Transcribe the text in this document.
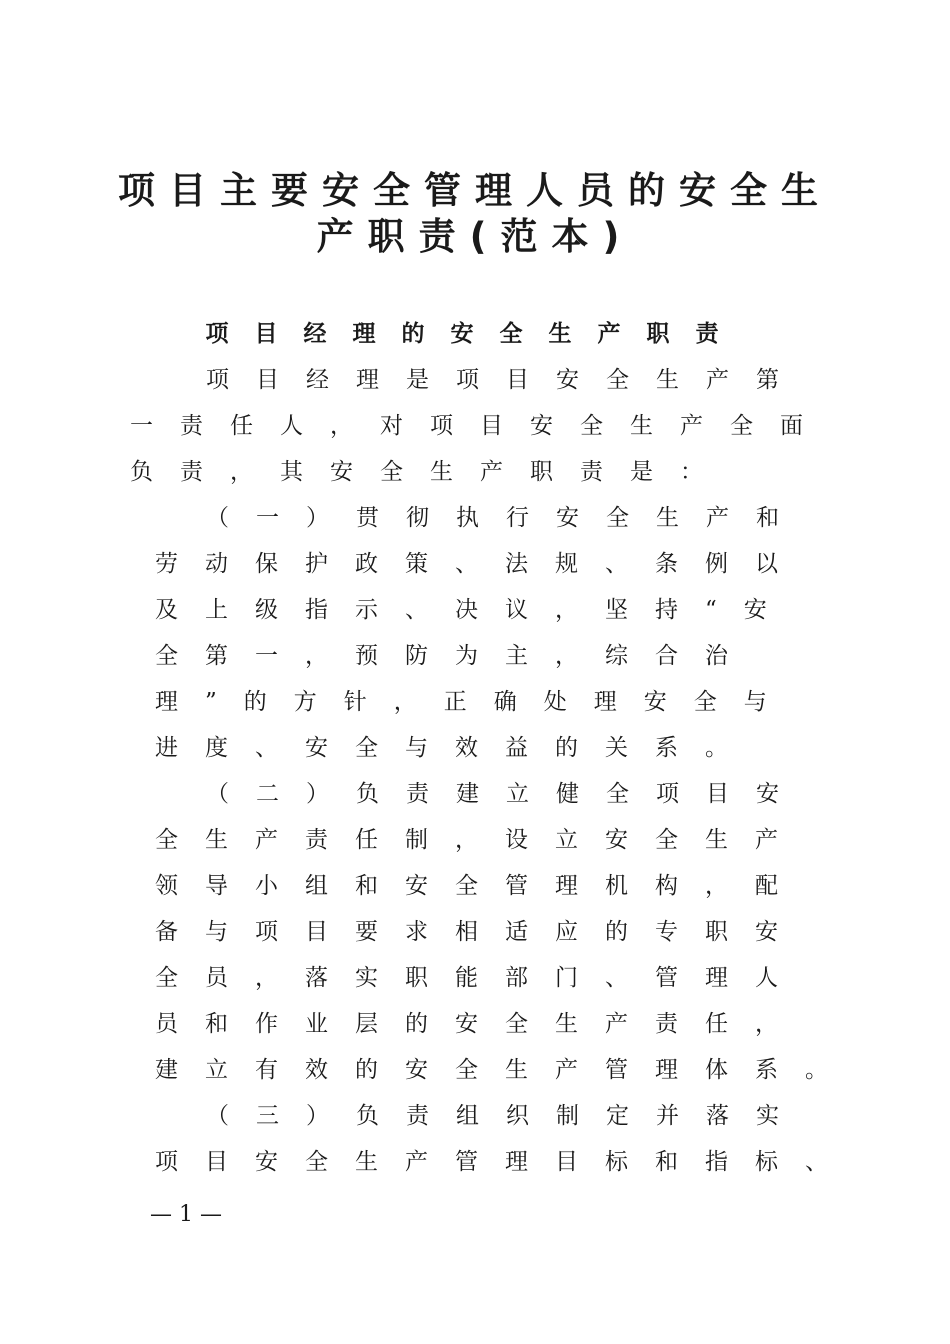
项目主要安全管理人员的安全生
产职责(范本)
项目经理的安全生产职责
项目经理是项目安全生产第
一责任人，对项目安全生产全面
负责，其安全生产职责是：
（一）贯彻执行安全生产和
劳动保护政策、法规、条例以
及上级指示、决议，坚持“安
全第一，预防为主，综合治
理”的方针，正确处理安全与
进度、安全与效益的关系。
（二）负责建立健全项目安
全生产责任制，设立安全生产
领导小组和安全管理机构，配
备与项目要求相适应的专职安
全员，落实职能部门、管理人
员和作业层的安全生产责任，
建立有效的安全生产管理体系。
（三）负责组织制定并落实
项目安全生产管理目标和指标、
— 1 —
